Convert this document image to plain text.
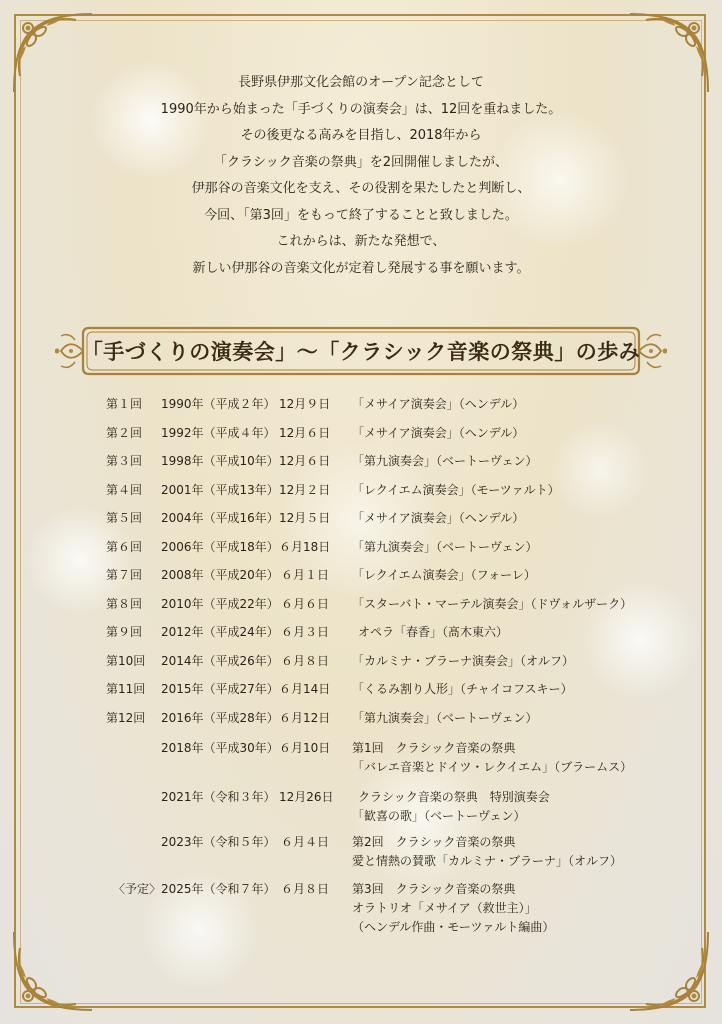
長野県伊那文化会館のオープン記念として

1990年から始まった「手づくりの演奏会」は、12回を重ねました。

その後更なる高みを目指し、2018年から

「クラシック音楽の祭典」を2回開催しましたが、

伊那谷の音楽文化を支え、その役割を果たしたと判断し、

今回、「第3回」をもって終了することと致しました。

これからは、新たな発想で、

新しい伊那谷の音楽文化が定着し発展する事を願います。

「手づくりの演奏会」〜「クラシック音楽の祭典」の歩み
第１回 1990年（平成２年） 12月９日 「メサイア演奏会」（ヘンデル）
第２回 1992年（平成４年） 12月６日 「メサイア演奏会」（ヘンデル）
第３回 1998年（平成10年） 12月６日 「第九演奏会」（ベートーヴェン）
第４回 2001年（平成13年） 12月２日 「レクイエム演奏会」（モーツァルト）
第５回 2004年（平成16年） 12月５日 「メサイア演奏会」（ヘンデル）
第６回 2006年（平成18年） ６月18日 「第九演奏会」（ベートーヴェン）
第７回 2008年（平成20年） ６月１日 「レクイエム演奏会」（フォーレ）
第８回 2010年（平成22年） ６月６日 「スターバト・マーテル演奏会」（ドヴォルザーク）
第９回 2012年（平成24年） ６月３日 オペラ「春香」（髙木東六）
第10回 2014年（平成26年） ６月８日 「カルミナ・ブラーナ演奏会」（オルフ）
第11回 2015年（平成27年） ６月14日 「くるみ割り人形」（チャイコフスキー）
第12回 2016年（平成28年） ６月12日 「第九演奏会」（ベートーヴェン）
2018年（平成30年） ６月10日 第1回　クラシック音楽の祭典
「バレエ音楽とドイツ・レクイエム」（ブラームス）
2021年（令和３年） 12月26日 クラシック音楽の祭典　特別演奏会
「歓喜の歌」（ベートーヴェン）
2023年（令和５年） ６月４日 第2回　クラシック音楽の祭典
愛と情熱の賛歌「カルミナ・ブラーナ」（オルフ）
〈予定〉 2025年（令和７年） ６月８日 第3回　クラシック音楽の祭典
オラトリオ「メサイア（救世主）」
（ヘンデル作曲・モーツァルト編曲）
